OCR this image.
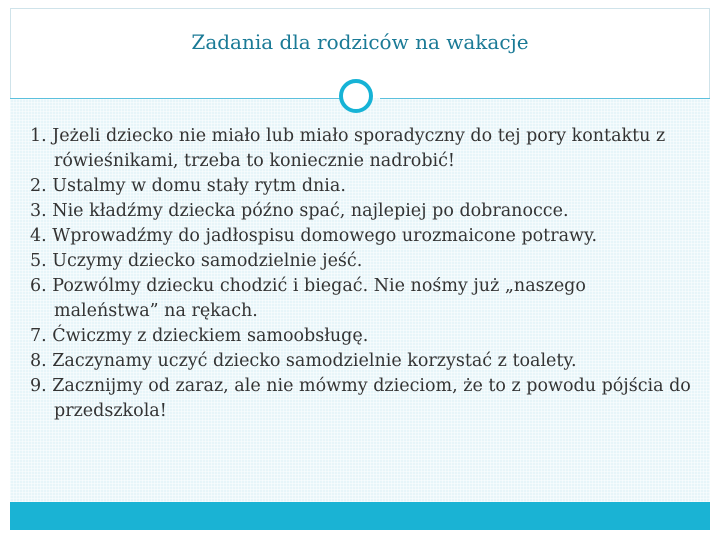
Zadania dla rodziców na wakacje
1. Jeżeli dziecko nie miało lub miało sporadyczny do tej pory kontaktu z rówieśnikami, trzeba to koniecznie nadrobić!
2. Ustalmy w domu stały rytm dnia.
3. Nie kładźmy dziecka późno spać, najlepiej po dobranocce.
4. Wprowadźmy do jadłospisu domowego urozmaicone potrawy.
5. Uczymy dziecko samodzielnie jeść.
6. Pozwólmy dziecku chodzić i biegać. Nie nośmy już „naszego maleństwa” na rękach.
7. Ćwiczmy z dzieckiem samoobsługę.
8. Zaczynamy uczyć dziecko samodzielnie korzystać z toalety.
9. Zacznijmy od zaraz, ale nie mówmy dzieciom, że to z powodu pójścia do przedszkola!
